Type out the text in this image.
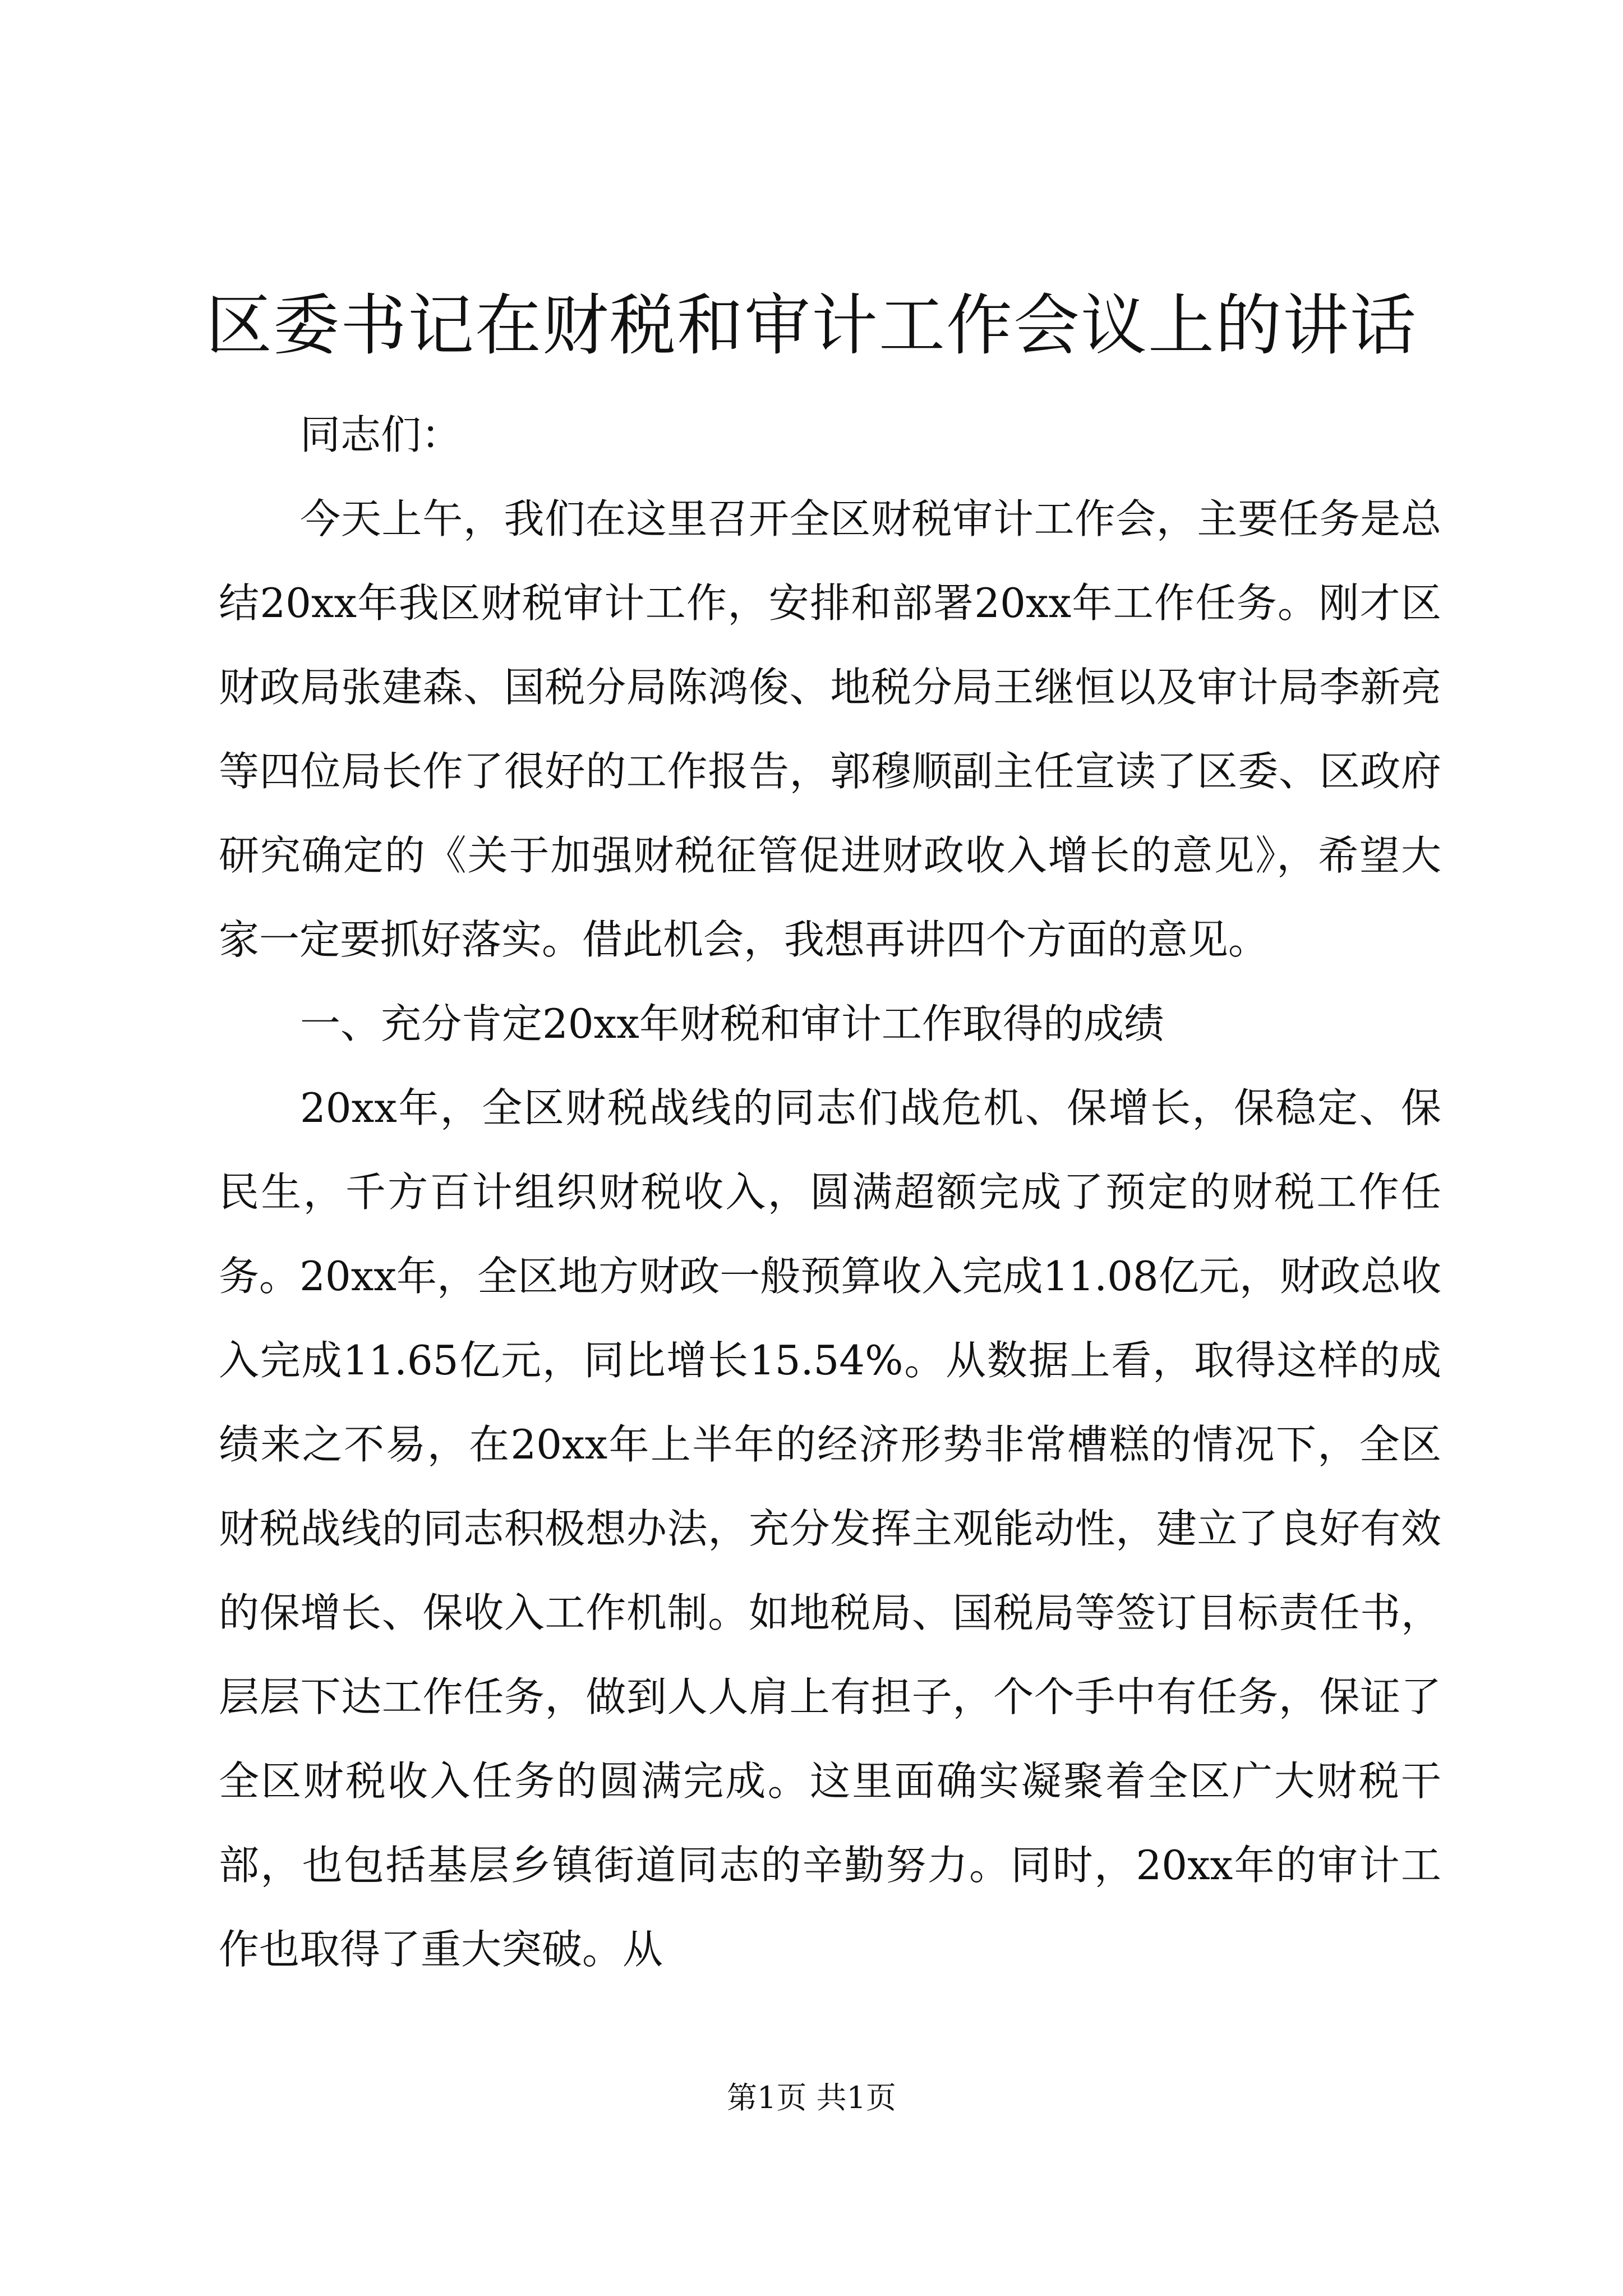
区委书记在财税和审计工作会议上的讲话

同志们：

今天上午，我们在这里召开全区财税审计工作会，主要任务是总结20xx年我区财税审计工作，安排和部署20xx年工作任务。刚才区财政局张建森、国税分局陈鸿俊、地税分局王继恒以及审计局李新亮等四位局长作了很好的工作报告，郭穆顺副主任宣读了区委、区政府研究确定的《关于加强财税征管促进财政收入增长的意见》，希望大家一定要抓好落实。借此机会，我想再讲四个方面的意见。

一、充分肯定20xx年财税和审计工作取得的成绩

20xx年，全区财税战线的同志们战危机、保增长，保稳定、保民生，千方百计组织财税收入，圆满超额完成了预定的财税工作任务。20xx年，全区地方财政一般预算收入完成11.08亿元，财政总收入完成11.65亿元，同比增长15.54%。从数据上看，取得这样的成绩来之不易，在20xx年上半年的经济形势非常槽糕的情况下，全区财税战线的同志积极想办法，充分发挥主观能动性，建立了良好有效的保增长、保收入工作机制。如地税局、国税局等签订目标责任书，层层下达工作任务，做到人人肩上有担子，个个手中有任务，保证了全区财税收入任务的圆满完成。这里面确实凝聚着全区广大财税干部，也包括基层乡镇街道同志的辛勤努力。同时，20xx年的审计工作也取得了重大突破。从

第1页 共1页
